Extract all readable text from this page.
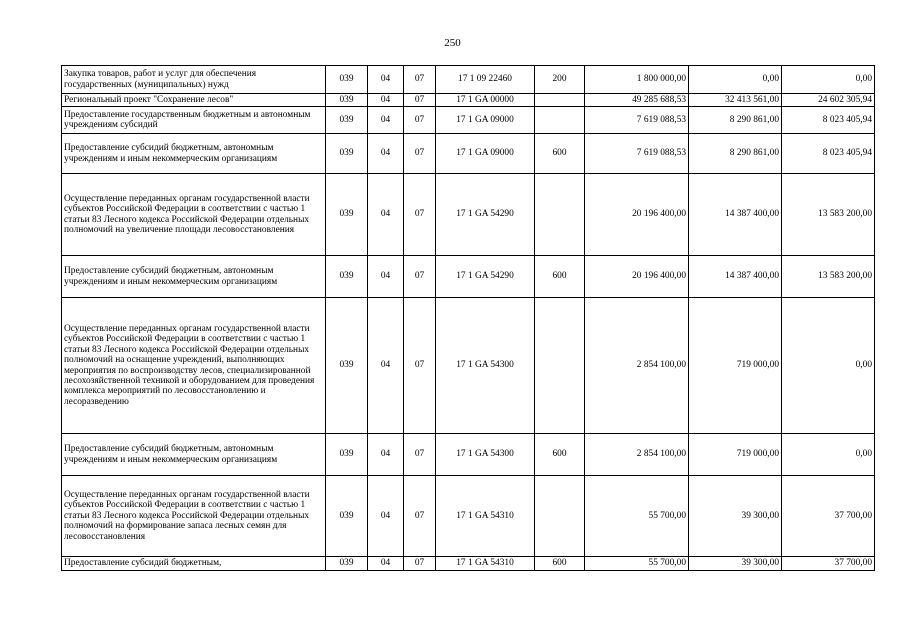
250
Закупка товаров, работ и услуг для обеспечения государственных (муниципальных) нужд	039	04	07	17 1 09 22460	200	1 800 000,00	0,00	0,00
Региональный проект "Сохранение лесов"	039	04	07	17 1 GA 00000		49 285 688,53	32 413 561,00	24 602 305,94
Предоставление государственным бюджетным и автономным учреждениям субсидий	039	04	07	17 1 GA 09000		7 619 088,53	8 290 861,00	8 023 405,94
Предоставление субсидий бюджетным, автономным учреждениям и иным некоммерческим организациям	039	04	07	17 1 GA 09000	600	7 619 088,53	8 290 861,00	8 023 405,94
Осуществление переданных органам государственной власти субъектов Российской Федерации в соответствии с частью 1 статьи 83 Лесного кодекса Российской Федерации отдельных полномочий на увеличение площади лесовосстановления	039	04	07	17 1 GA 54290		20 196 400,00	14 387 400,00	13 583 200,00
Предоставление субсидий бюджетным, автономным учреждениям и иным некоммерческим организациям	039	04	07	17 1 GA 54290	600	20 196 400,00	14 387 400,00	13 583 200,00
Осуществление переданных органам государственной власти субъектов Российской Федерации в соответствии с частью 1 статьи 83 Лесного кодекса Российской Федерации отдельных полномочий на оснащение учреждений, выполняющих мероприятия по воспроизводству лесов, специализированной лесохозяйственной техникой и оборудованием для проведения комплекса мероприятий по лесовосстановлению и лесоразведению	039	04	07	17 1 GA 54300		2 854 100,00	719 000,00	0,00
Предоставление субсидий бюджетным, автономным учреждениям и иным некоммерческим организациям	039	04	07	17 1 GA 54300	600	2 854 100,00	719 000,00	0,00
Осуществление переданных органам государственной власти субъектов Российской Федерации в соответствии с частью 1 статьи 83 Лесного кодекса Российской Федерации отдельных полномочий на формирование запаса лесных семян для лесовосстановления	039	04	07	17 1 GA 54310		55 700,00	39 300,00	37 700,00
Предоставление субсидий бюджетным,	039	04	07	17 1 GA 54310	600	55 700,00	39 300,00	37 700,00
